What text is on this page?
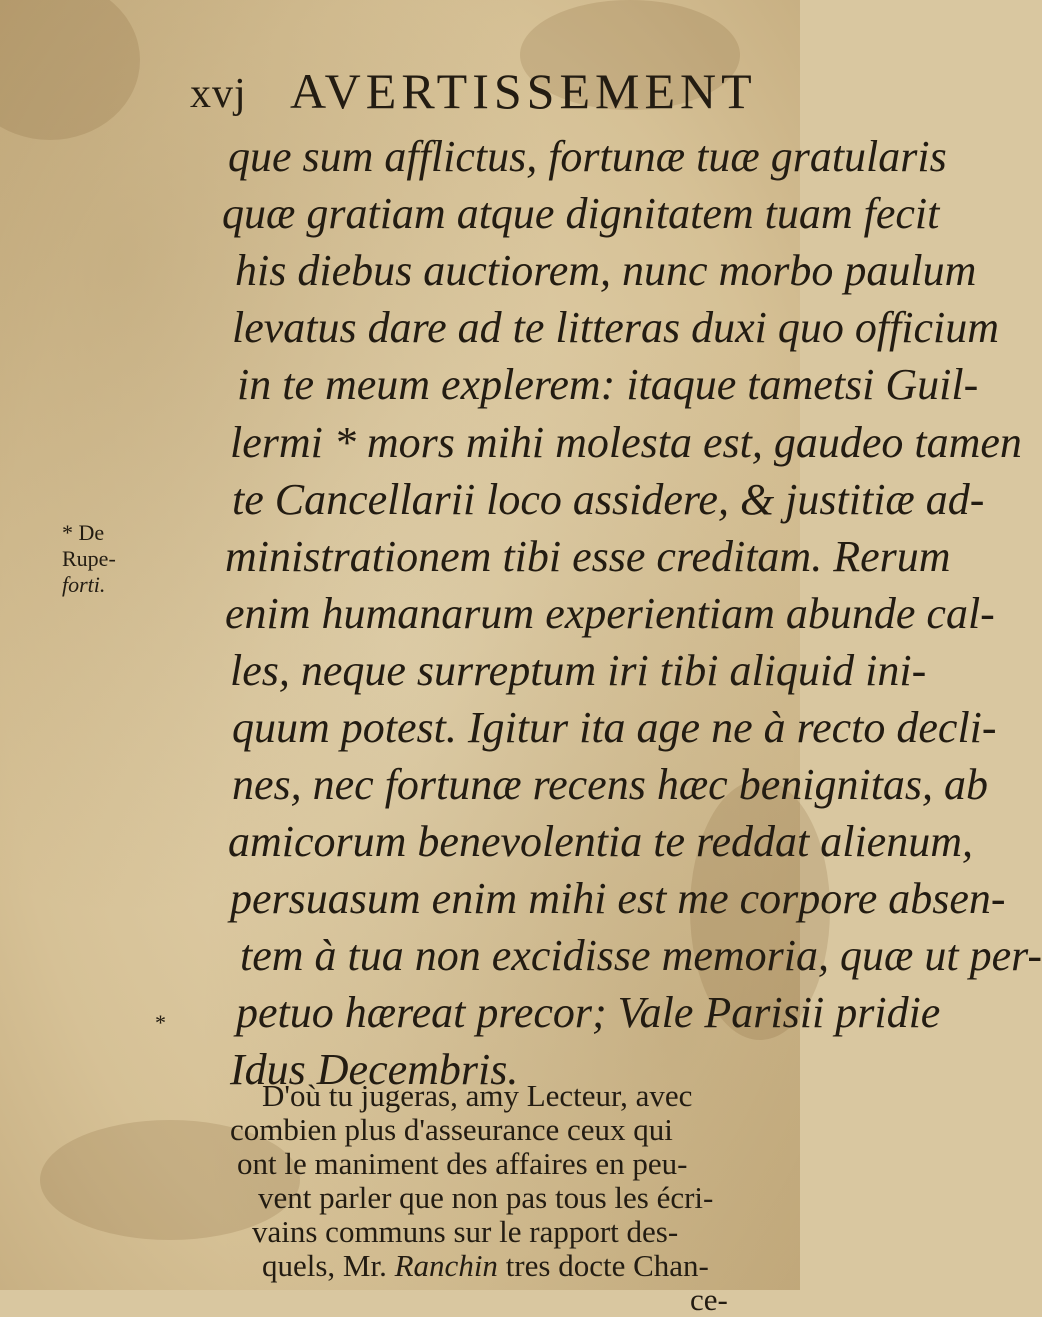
xvj AVERTISSEMENT
* De Rupe-
forti.
que sum afflictus, fortunæ tuæ gratularis
quæ gratiam atque dignitatem tuam fecit
his diebus auctiorem, nunc morbo paulum
levatus dare ad te litteras duxi quo officium
in te meum explerem: itaque tametsi Guil-
lermi * mors mihi molesta est, gaudeo tamen
te Cancellarii loco assidere, & justitiæ ad-
ministrationem tibi esse creditam. Rerum
enim humanarum experientiam abunde cal-
les, neque surreptum iri tibi aliquid ini-
quum potest. Igitur ita age ne à recto decli-
nes, nec fortunæ recens hæc benignitas, ab
amicorum benevolentia te reddat alienum,
persuasum enim mihi est me corpore absen-
tem à tua non excidisse memoria, quæ ut per-
petuo hæreat precor; Vale Parisii pridie
Idus Decembris.
D'où tu jugeras, amy Lecteur, avec
combien plus d'asseurance ceux qui
ont le maniment des affaires en peu-
vent parler que non pas tous les écri-
vains communs sur le rapport des-
quels, Mr. Ranchin tres docte Chan-
ce-
*
